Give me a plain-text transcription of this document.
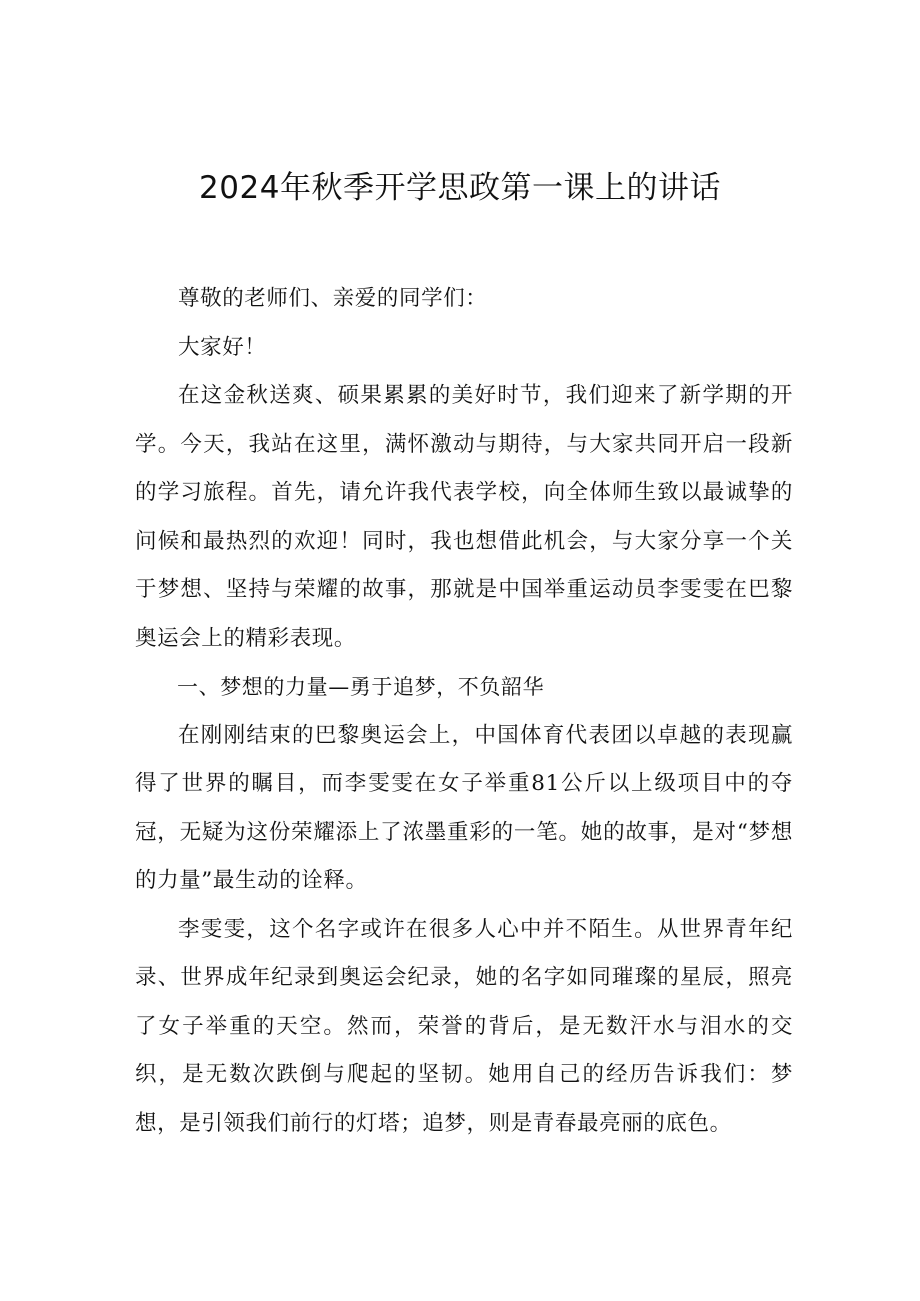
2024年秋季开学思政第一课上的讲话

尊敬的老师们、亲爱的同学们：

大家好！

在这金秋送爽、硕果累累的美好时节，我们迎来了新学期的开学。今天，我站在这里，满怀激动与期待，与大家共同开启一段新的学习旅程。首先，请允许我代表学校，向全体师生致以最诚挚的问候和最热烈的欢迎！同时，我也想借此机会，与大家分享一个关于梦想、坚持与荣耀的故事，那就是中国举重运动员李雯雯在巴黎奥运会上的精彩表现。

一、梦想的力量—勇于追梦，不负韶华

在刚刚结束的巴黎奥运会上，中国体育代表团以卓越的表现赢得了世界的瞩目，而李雯雯在女子举重81公斤以上级项目中的夺冠，无疑为这份荣耀添上了浓墨重彩的一笔。她的故事，是对“梦想的力量”最生动的诠释。

李雯雯，这个名字或许在很多人心中并不陌生。从世界青年纪录、世界成年纪录到奥运会纪录，她的名字如同璀璨的星辰，照亮了女子举重的天空。然而，荣誉的背后，是无数汗水与泪水的交织，是无数次跌倒与爬起的坚韧。她用自己的经历告诉我们：梦想，是引领我们前行的灯塔；追梦，则是青春最亮丽的底色。
